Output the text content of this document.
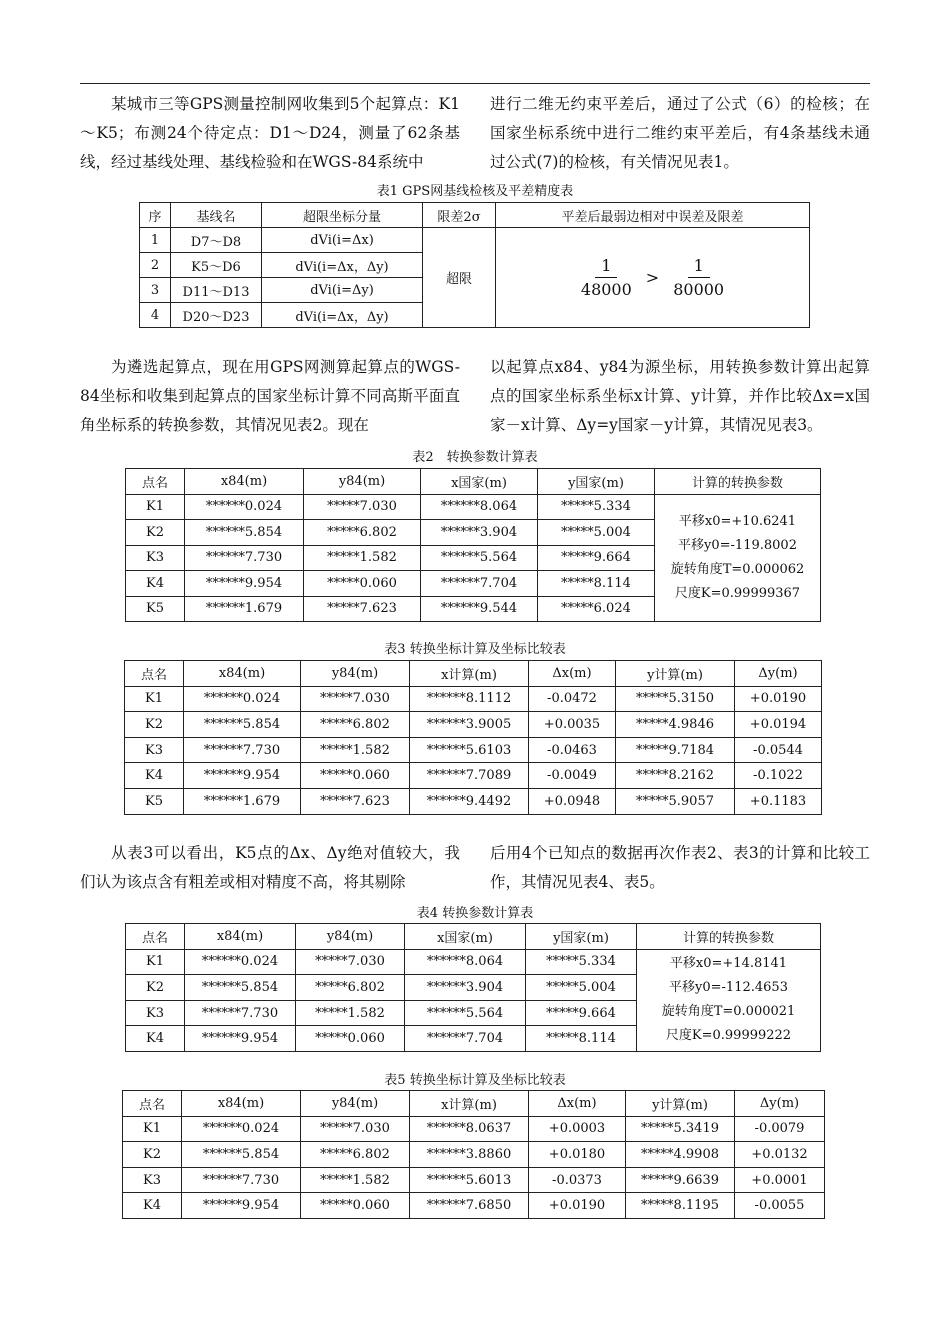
某城市三等GPS测量控制网收集到5个起算点：K1～K5；布测24个待定点：D1～D24，测量了62条基线，经过基线处理、基线检验和在WGS-84系统中
进行二维无约束平差后，通过了公式（6）的检核；在国家坐标系统中进行二维约束平差后，有4条基线未通过公式(7)的检核，有关情况见表1。
表1 GPS网基线检核及平差精度表
序	基线名	超限坐标分量	限差2σ	平差后最弱边相对中误差及限差
1	D7～D8	dVi(i=Δx)	超限	$\frac{1}{48000} > \frac{1}{80000}$

2	K5～D6	dVi(i=Δx，Δy)		
3	D11～D13	dVi(i=Δy)		
4	D20～D23	dVi(i=Δx，Δy)		
为遴选起算点，现在用GPS网测算起算点的WGS-84坐标和收集到起算点的国家坐标计算不同高斯平面直角坐标系的转换参数，其情况见表2。现在
以起算点x84、y84为源坐标，用转换参数计算出起算点的国家坐标系坐标x计算、y计算，并作比较Δx=x国家－x计算、Δy=y国家－y计算，其情况见表3。
表2　转换参数计算表
点名	x84(m)	y84(m)	x国家(m)	y国家(m)	计算的转换参数
K1	******0.024	*****7.030	******8.064	*****5.334	平移x0=+10.6241
平移y0=-119.8002
旋转角度T=0.000062
尺度K=0.99999367

K2	******5.854	*****6.802	******3.904	*****5.004	
K3	******7.730	*****1.582	******5.564	*****9.664	
K4	******9.954	*****0.060	******7.704	*****8.114	
K5	******1.679	*****7.623	******9.544	*****6.024	
表3 转换坐标计算及坐标比较表
点名	x84(m)	y84(m)	x计算(m)	Δx(m)	y计算(m)	Δy(m)
K1	******0.024	*****7.030	******8.1112	-0.0472	*****5.3150	+0.0190
K2	******5.854	*****6.802	******3.9005	+0.0035	*****4.9846	+0.0194
K3	******7.730	*****1.582	******5.6103	-0.0463	*****9.7184	-0.0544
K4	******9.954	*****0.060	******7.7089	-0.0049	*****8.2162	-0.1022
K5	******1.679	*****7.623	******9.4492	+0.0948	*****5.9057	+0.1183
从表3可以看出，K5点的Δx、Δy绝对值较大，我们认为该点含有粗差或相对精度不高，将其剔除
后用4个已知点的数据再次作表2、表3的计算和比较工作，其情况见表4、表5。
表4 转换参数计算表
点名	x84(m)	y84(m)	x国家(m)	y国家(m)	计算的转换参数
K1	******0.024	*****7.030	******8.064	*****5.334	平移x0=+14.8141
平移y0=-112.4653
旋转角度T=0.000021
尺度K=0.99999222

K2	******5.854	*****6.802	******3.904	*****5.004	
K3	******7.730	*****1.582	******5.564	*****9.664	
K4	******9.954	*****0.060	******7.704	*****8.114	
表5 转换坐标计算及坐标比较表
点名	x84(m)	y84(m)	x计算(m)	Δx(m)	y计算(m)	Δy(m)
K1	******0.024	*****7.030	******8.0637	+0.0003	*****5.3419	-0.0079
K2	******5.854	*****6.802	******3.8860	+0.0180	*****4.9908	+0.0132
K3	******7.730	*****1.582	******5.6013	-0.0373	*****9.6639	+0.0001
K4	******9.954	*****0.060	******7.6850	+0.0190	*****8.1195	-0.0055
